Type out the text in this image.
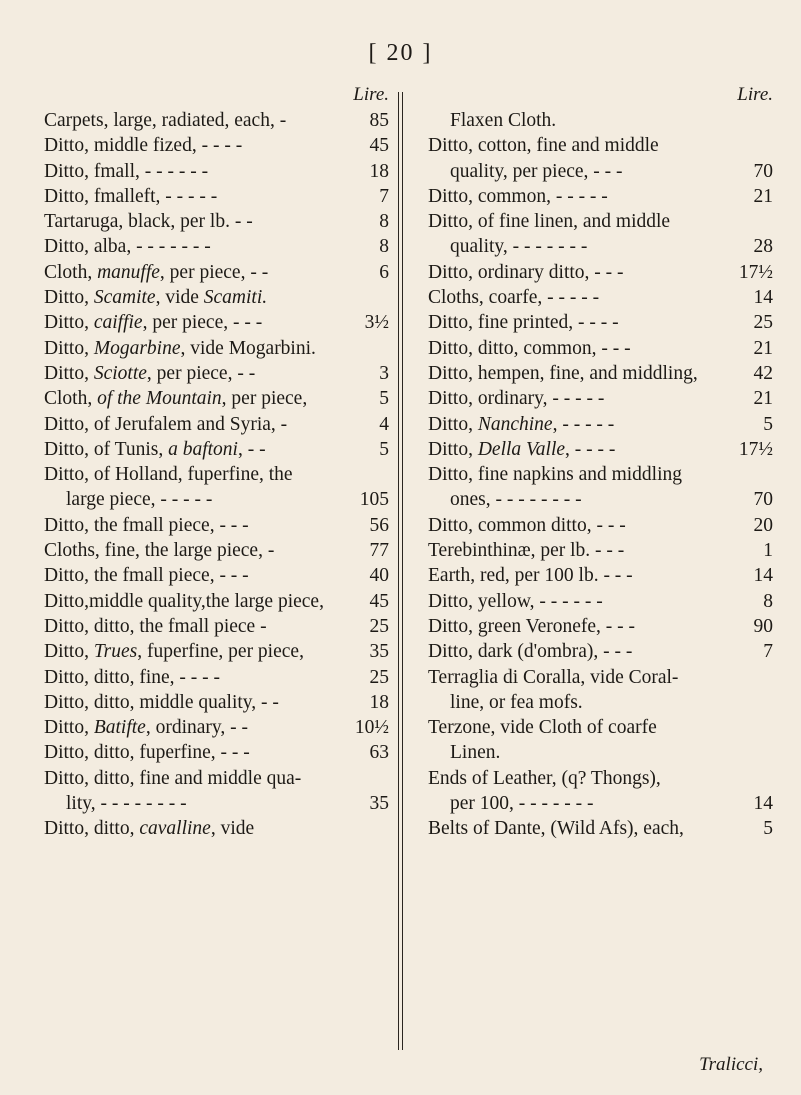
[ 20 ]
Lire.
Carpets, large, radiated, each, -	85
Ditto, middle fized, - - - -	45
Ditto, fmall, - - - - - -	18
Ditto, fmalleft, - - - - -	7
Tartaruga, black, per lb. - -	8
Ditto, alba, - - - - - - -	8
Cloth, manuffe, per piece, - -	6
Ditto, Scamite, vide Scamiti.
Ditto, caiffie, per piece, - - -	3½
Ditto, Mogarbine, vide Mogarbini.
Ditto, Sciotte, per piece, - -	3
Cloth, of the Mountain, per piece,	5
Ditto, of Jerufalem and Syria, -	4
Ditto, of Tunis, a baftoni, - -	5
Ditto, of Holland, fuperfine, the
large piece, - - - - -	105
Ditto, the fmall piece, - - -	56
Cloths, fine, the large piece, -	77
Ditto, the fmall piece, - - -	40
Ditto,middle quality,the large piece,	45
Ditto, ditto, the fmall piece -	25
Ditto, Trues, fuperfine, per piece,	35
Ditto, ditto, fine, - - - -	25
Ditto, ditto, middle quality, - -	18
Ditto, Batifte, ordinary, - -	10½
Ditto, ditto, fuperfine, - - -	63
Ditto, ditto, fine and middle qua-
lity, - - - - - - - -	35
Ditto, ditto, cavalline, vide
Lire.
Flaxen Cloth.
Ditto, cotton, fine and middle
quality, per piece, - - -	70
Ditto, common, - - - - -	21
Ditto, of fine linen, and middle
quality, - - - - - - -	28
Ditto, ordinary ditto, - - -	17½
Cloths, coarfe, - - - - -	14
Ditto, fine printed, - - - -	25
Ditto, ditto, common, - - -	21
Ditto, hempen, fine, and middling,	42
Ditto, ordinary, - - - - -	21
Ditto, Nanchine, - - - - -	5
Ditto, Della Valle, - - - -	17½
Ditto, fine napkins and middling
ones, - - - - - - - -	70
Ditto, common ditto, - - -	20
Terebinthinæ, per lb. - - -	1
Earth, red, per 100 lb. - - -	14
Ditto, yellow, - - - - - -	8
Ditto, green Veronefe, - - -	90
Ditto, dark (d'ombra), - - -	7
Terraglia di Coralla, vide Coral-
line, or fea mofs.
Terzone, vide Cloth of coarfe
Linen.
Ends of Leather, (q? Thongs),
per 100, - - - - - - -	14
Belts of Dante, (Wild Afs), each,	5
Tralicci,
